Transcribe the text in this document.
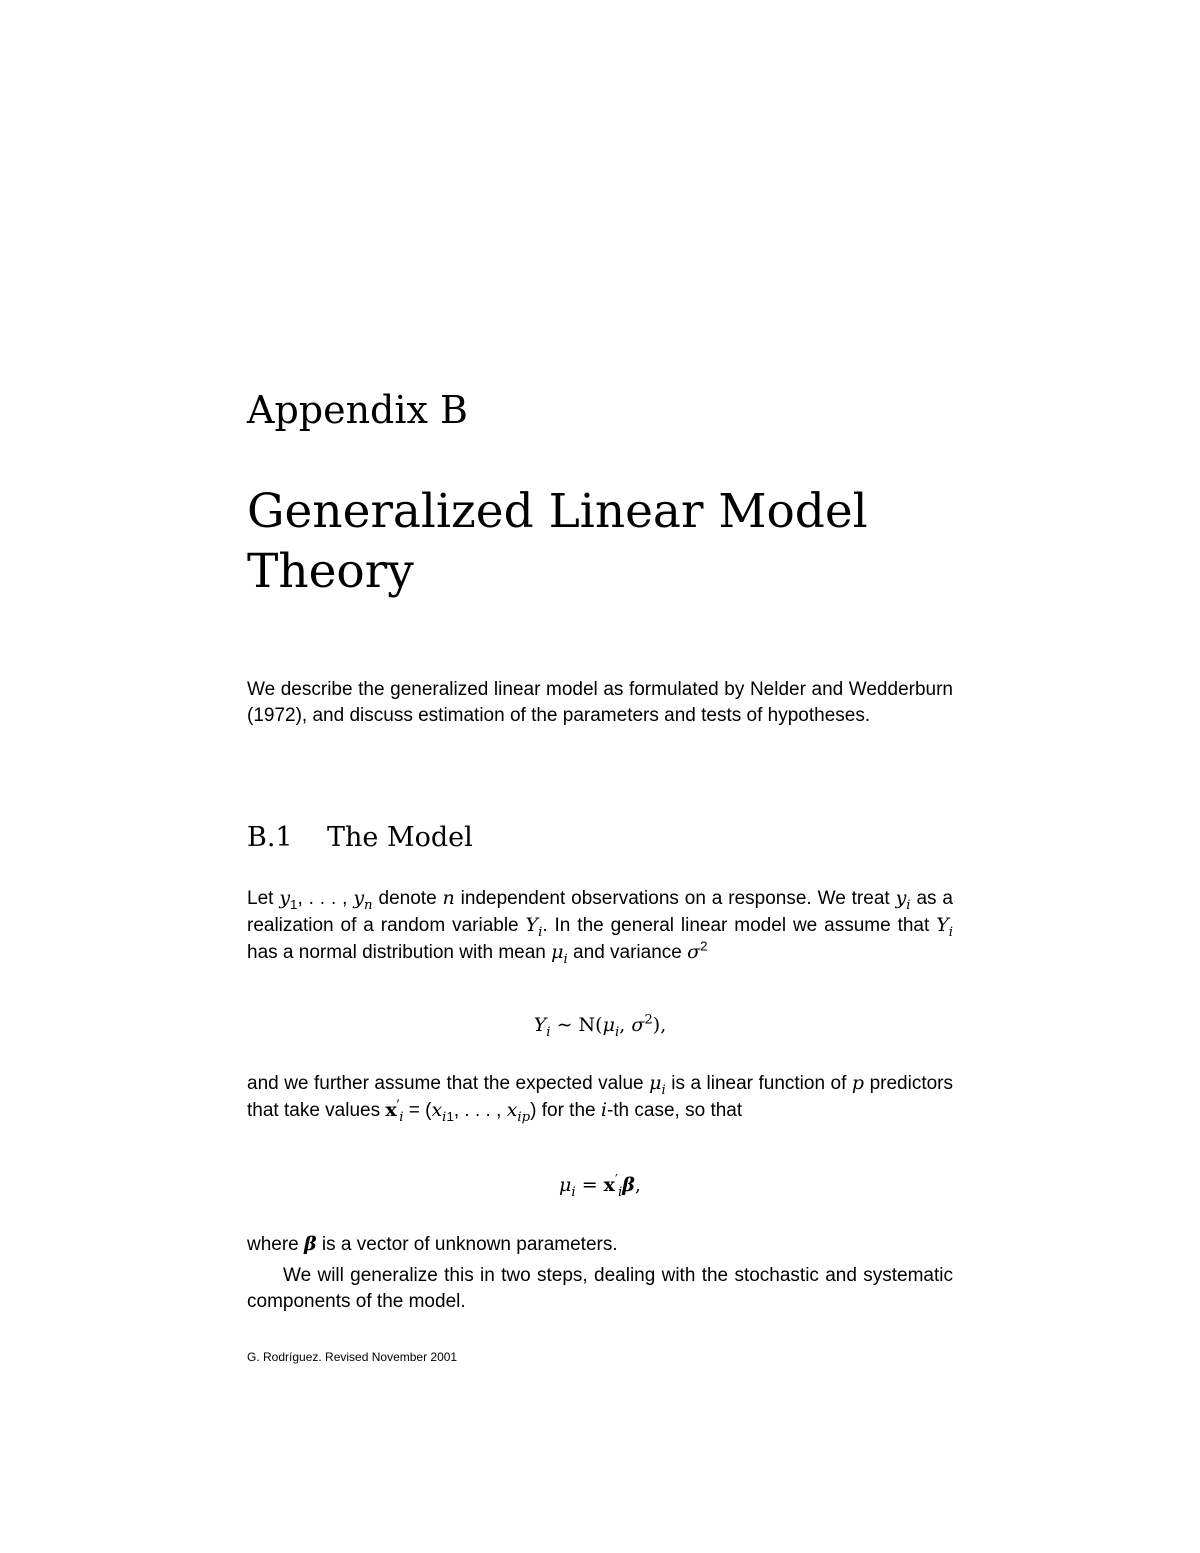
Appendix B
Generalized Linear Model Theory

We describe the generalized linear model as formulated by Nelder and Wedderburn (1972), and discuss estimation of the parameters and tests of hypotheses.

B.1 The Model

Let $y_1$, . . . , $y_n$ denote n independent observations on a response. We treat $y_i$ as a realization of a random variable $Y_i$. In the general linear model we assume that $Y_i$ has a normal distribution with mean $\mu_i$ and variance $\sigma^2$

$Y_i$ ∼ $N(\mu_i$, $\sigma^2$),

and we further assume that the expected value $\mu_i$ is a linear function of p predictors that take values $x'_i = (x_{i1}$, . . . , $x_{ip}$) for the i-th case, so that

$\mu_i = x'_i\beta$,

where β is a vector of unknown parameters.

We will generalize this in two steps, dealing with the stochastic and systematic components of the model.

G. Rodríguez. Revised November 2001
